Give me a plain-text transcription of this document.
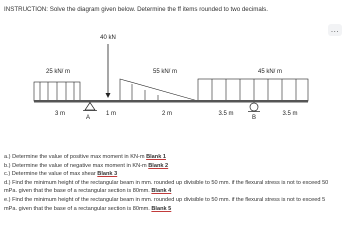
INSTRUCTION: Solve the diagram given below. Determine the ff items rounded to two decimals.
...
40 kN
25 kN/ m	55 kN/ m	45 kN/ m
A	B
3 m	1 m	2 m	3.5 m	3.5 m
a.) Determine the value of positive max moment in KN-m Blank 1
b.) Determine the value of negative max moment in KN-m Blank 2
c.) Determine the value of max shear Blank 3
d.) Find the minimum height of the rectangular beam in mm. rounded up divisible to 50 mm. if the flexural stress is not to exceed 50
mPa. given that the base of a rectangular section is 80mm. Blank 4
e.) Find the minimum height of the rectangular beam in mm. rounded up divisible to 50 mm. if the flexural stress is not to exceed 5
mPa. given that the base of a rectangular section is 80mm. Blank 5
